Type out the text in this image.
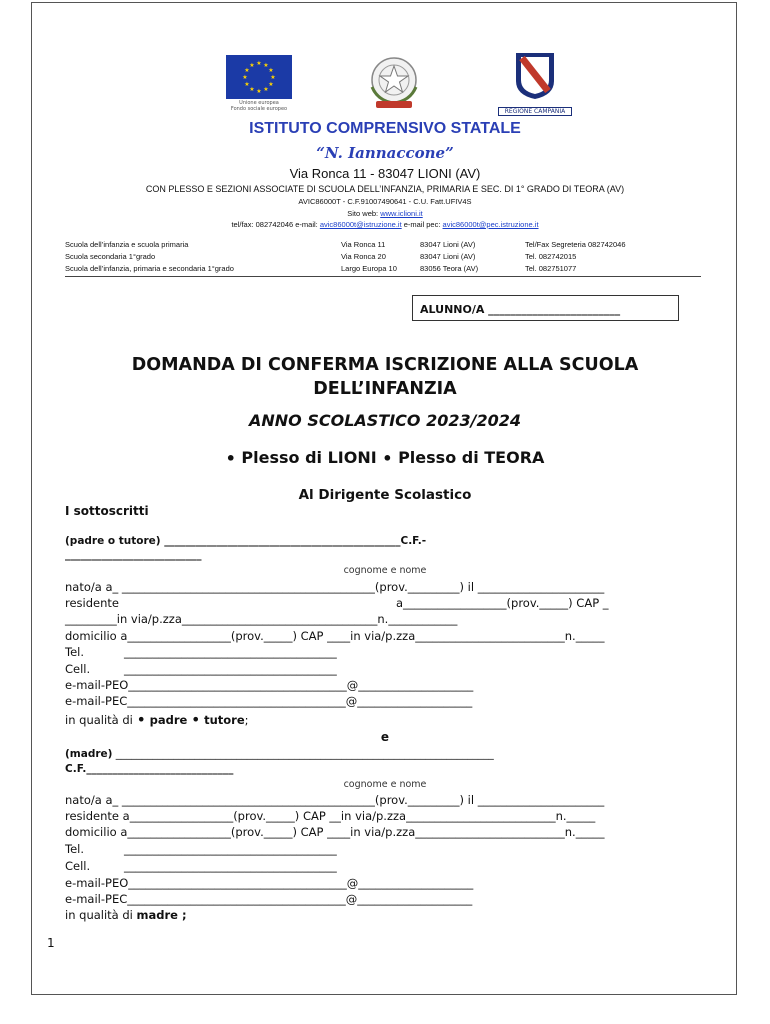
★ ★
★
★
★
★
★
★
★
★
★
★
Unione europea
Fondo sociale europeo	REGIONE CAMPANIA
ISTITUTO COMPRENSIVO STATALE
“N. Iannaccone”
Via Ronca 11 - 83047 LIONI (AV)
CON PLESSO E SEZIONI ASSOCIATE DI SCUOLA DELL’INFANZIA, PRIMARIA E SEC. DI 1° GRADO DI TEORA (AV)
AVIC86000T - C.F.91007490641 - C.U. Fatt.UFIV4S
Sito web: www.iclioni.it
tel/fax: 082742046 e-mail: avic86000t@istruzione.it e-mail pec: avic86000t@pec.istruzione.it
Scuola dell’infanzia e scuola primaria	Via Ronca 11	83047 Lioni (AV)	Tel/Fax Segreteria 082742046
Scuola secondaria 1°grado	Via Ronca 20	83047 Lioni (AV)	Tel. 082742015
Scuola dell’infanzia, primaria e secondaria 1°grado	Largo Europa 10	83056 Teora (AV)	Tel. 082751077
ALUNNO/A ________________________
DOMANDA DI CONFERMA ISCRIZIONE ALLA SCUOLA
DELL’INFANZIA
ANNO SCOLASTICO 2023/2024
• Plesso di LIONI • Plesso di TEORA
Al Dirigente Scolastico
I sottoscritti
(padre o tutore) _____________________________________________C.F.-
__________________________
cognome e nome
nato/a a_ ____________________________________________(prov._________) il ______________________
residente	a__________________(prov._____) CAP _
_________in via/p.zza__________________________________n.____________
domicilio a__________________(prov._____) CAP ____in via/p.zza__________________________n._____
Tel.	_____________________________________
Cell.	_____________________________________
e-mail-PEO______________________________________@____________________
e-mail-PEC______________________________________@____________________
in qualità di • padre • tutore;
e
(madre) ________________________________________________________________________
C.F.____________________________
cognome e nome
nato/a a_ ____________________________________________(prov._________) il ______________________
residente a__________________(prov._____) CAP __in via/p.zza__________________________n._____
domicilio a__________________(prov._____) CAP ____in via/p.zza__________________________n._____
Tel.	_____________________________________
Cell.	_____________________________________
e-mail-PEO______________________________________@____________________
e-mail-PEC______________________________________@____________________
in qualità di madre ;
1
